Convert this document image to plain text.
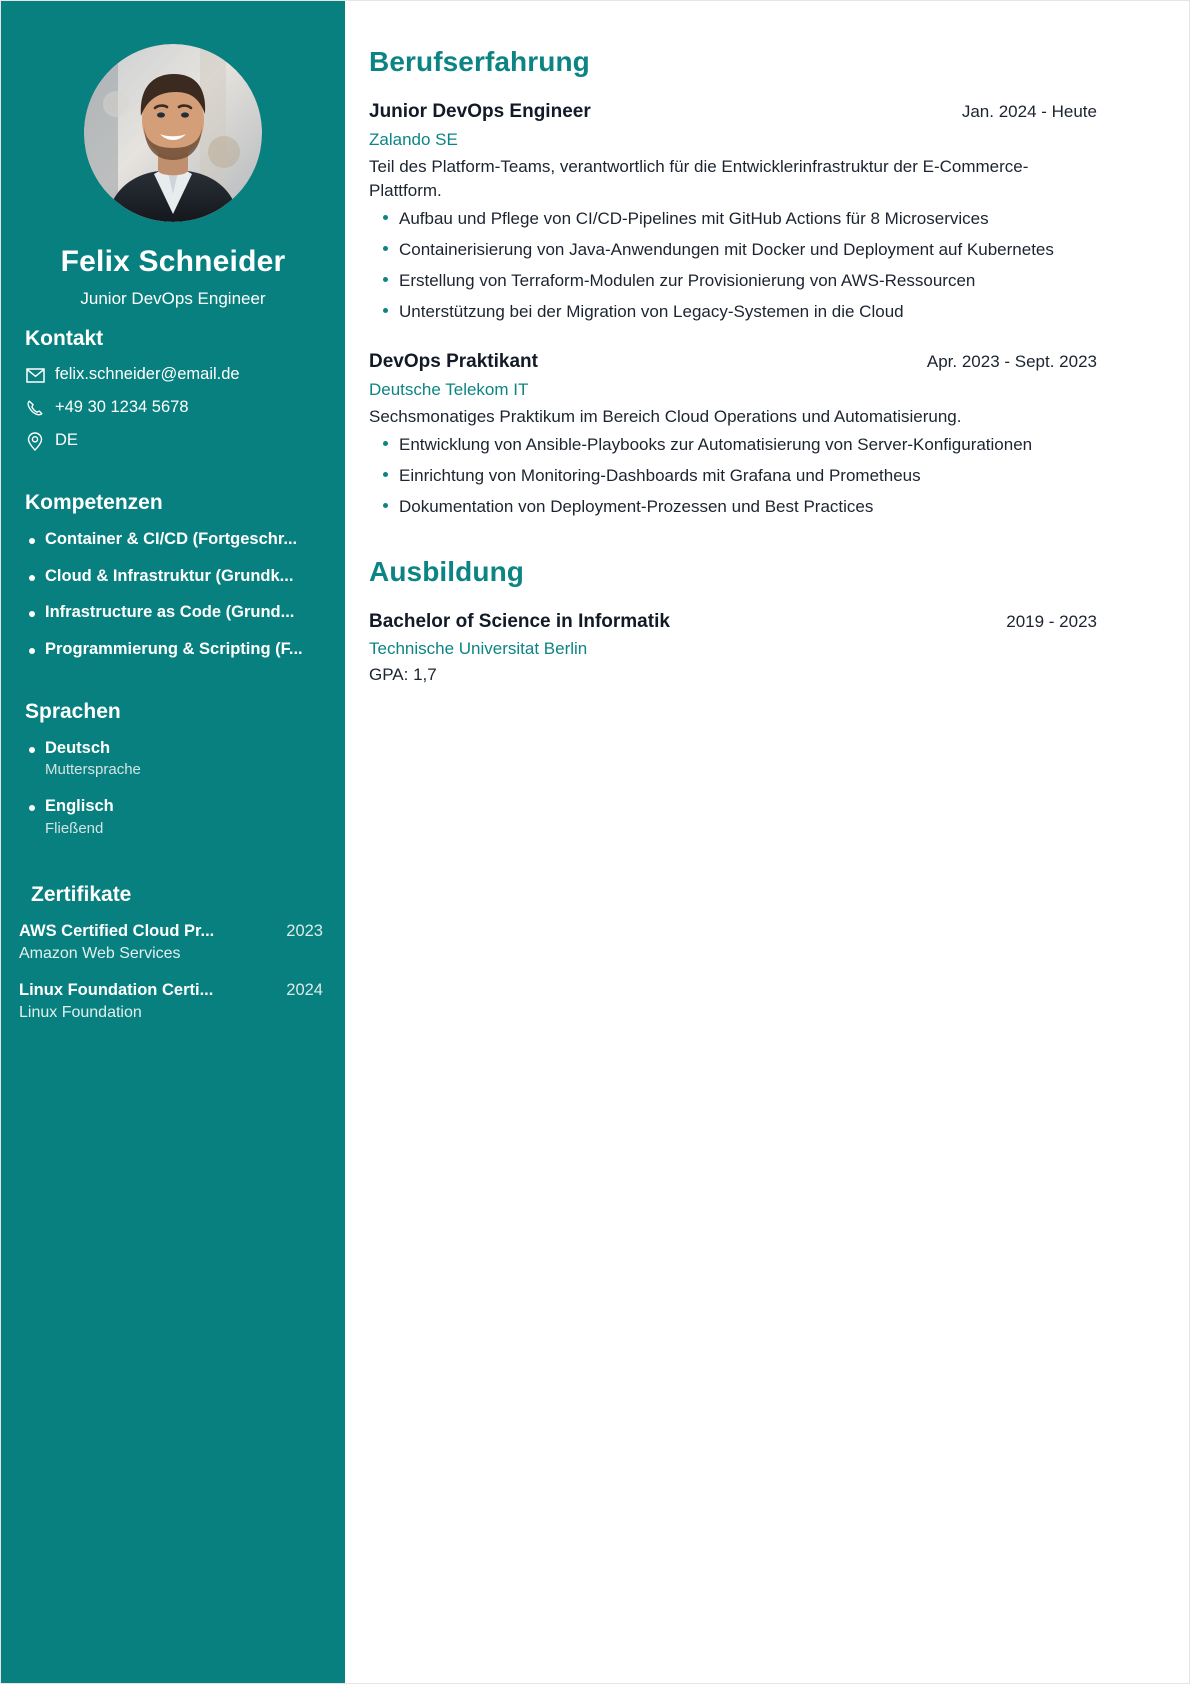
Felix Schneider
Junior DevOps Engineer
Kontakt
felix.schneider@email.de
+49 30 1234 5678
DE
Kompetenzen
Container & CI/CD (Fortgeschr...
Cloud & Infrastruktur (Grundk...
Infrastructure as Code (Grund...
Programmierung & Scripting (F...
Sprachen
Deutsch
Muttersprache
Englisch
Fließend
Zertifikate
AWS Certified Cloud Pr...	2023
Amazon Web Services
Linux Foundation Certi...	2024
Linux Foundation
Berufserfahrung
Junior DevOps Engineer	Jan. 2024 - Heute
Zalando SE
Teil des Platform-Teams, verantwortlich für die Entwicklerinfrastruktur der E-Commerce-Plattform.
Aufbau und Pflege von CI/CD-Pipelines mit GitHub Actions für 8 Microservices
Containerisierung von Java-Anwendungen mit Docker und Deployment auf Kubernetes
Erstellung von Terraform-Modulen zur Provisionierung von AWS-Ressourcen
Unterstützung bei der Migration von Legacy-Systemen in die Cloud
DevOps Praktikant	Apr. 2023 - Sept. 2023
Deutsche Telekom IT
Sechsmonatiges Praktikum im Bereich Cloud Operations und Automatisierung.
Entwicklung von Ansible-Playbooks zur Automatisierung von Server-Konfigurationen
Einrichtung von Monitoring-Dashboards mit Grafana und Prometheus
Dokumentation von Deployment-Prozessen und Best Practices
Ausbildung
Bachelor of Science in Informatik	2019 - 2023
Technische Universitat Berlin
GPA: 1,7
